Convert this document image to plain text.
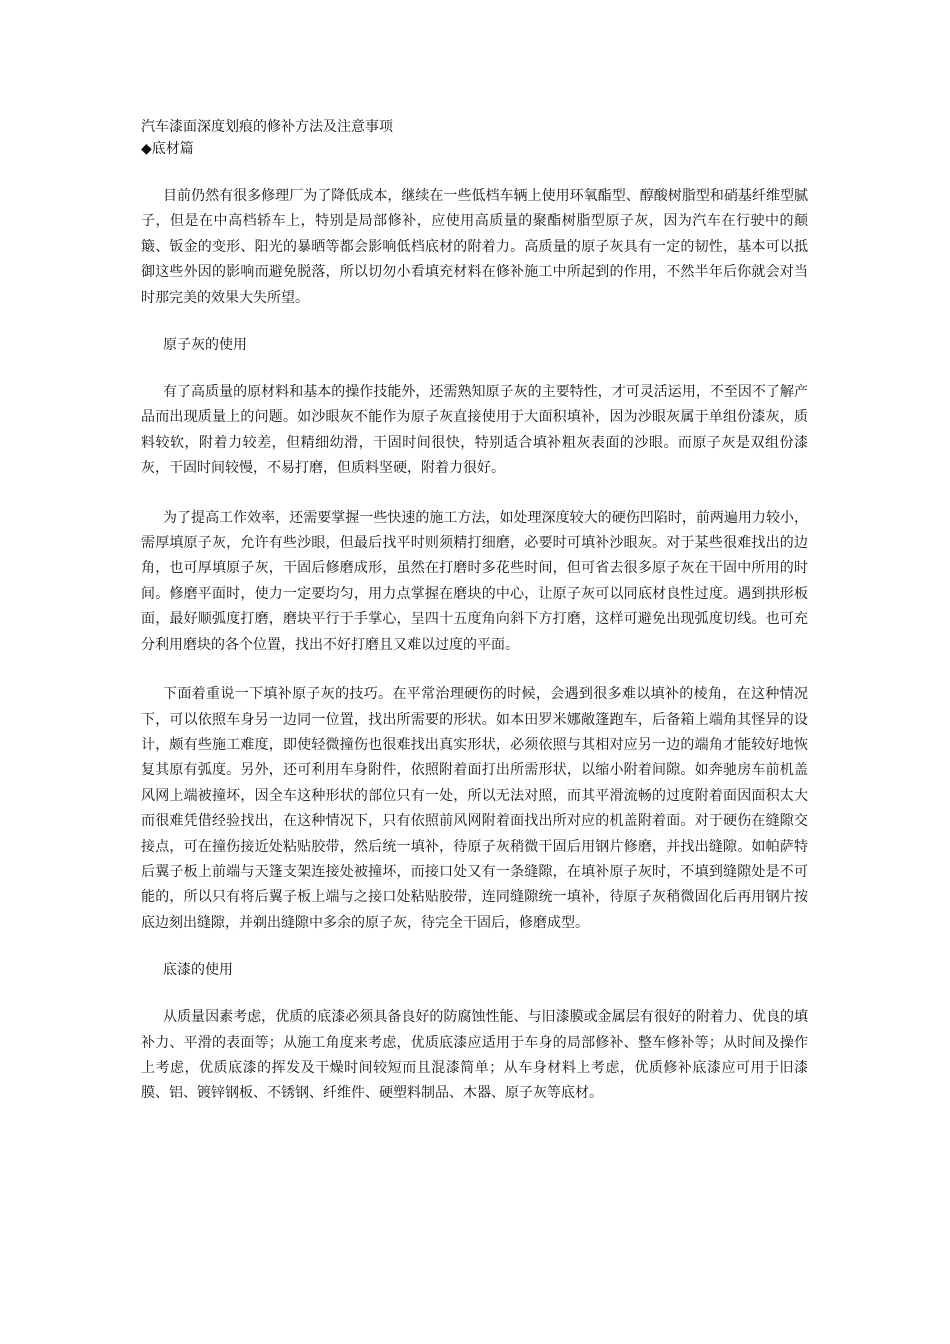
汽车漆面深度划痕的修补方法及注意事项

◆底材篇

目前仍然有很多修理厂为了降低成本，继续在一些低档车辆上使用环氧酯型、醇酸树脂型和硝基纤维型腻子，但是在中高档轿车上，特别是局部修补，应使用高质量的聚酯树脂型原子灰，因为汽车在行驶中的颠簸、钣金的变形、阳光的暴晒等都会影响低档底材的附着力。高质量的原子灰具有一定的韧性，基本可以抵御这些外因的影响而避免脱落，所以切勿小看填充材料在修补施工中所起到的作用，不然半年后你就会对当时那完美的效果大失所望。

原子灰的使用

有了高质量的原材料和基本的操作技能外，还需熟知原子灰的主要特性，才可灵活运用，不至因不了解产品而出现质量上的问题。如沙眼灰不能作为原子灰直接使用于大面积填补，因为沙眼灰属于单组份漆灰，质料较软，附着力较差，但精细幼滑，干固时间很快，特别适合填补粗灰表面的沙眼。而原子灰是双组份漆灰，干固时间较慢，不易打磨，但质料坚硬，附着力很好。

为了提高工作效率，还需要掌握一些快速的施工方法，如处理深度较大的硬伤凹陷时，前两遍用力较小，需厚填原子灰，允许有些沙眼，但最后找平时则须精打细磨，必要时可填补沙眼灰。对于某些很难找出的边角，也可厚填原子灰，干固后修磨成形，虽然在打磨时多花些时间，但可省去很多原子灰在干固中所用的时间。修磨平面时，使力一定要均匀，用力点掌握在磨块的中心，让原子灰可以同底材良性过度。遇到拱形板面，最好顺弧度打磨，磨块平行于手掌心，呈四十五度角向斜下方打磨，这样可避免出现弧度切线。也可充分利用磨块的各个位置，找出不好打磨且又难以过度的平面。

下面着重说一下填补原子灰的技巧。在平常治理硬伤的时候，会遇到很多难以填补的棱角，在这种情况下，可以依照车身另一边同一位置，找出所需要的形状。如本田罗米娜敞篷跑车，后备箱上端角其怪异的设计，颇有些施工难度，即使轻微撞伤也很难找出真实形状，必须依照与其相对应另一边的端角才能较好地恢复其原有弧度。另外，还可利用车身附件，依照附着面打出所需形状，以缩小附着间隙。如奔驰房车前机盖风网上端被撞坏，因全车这种形状的部位只有一处，所以无法对照，而其平滑流畅的过度附着面因面积太大而很难凭借经验找出，在这种情况下，只有依照前风网附着面找出所对应的机盖附着面。对于硬伤在缝隙交接点，可在撞伤接近处粘贴胶带，然后统一填补，待原子灰稍微干固后用钢片修磨，并找出缝隙。如帕萨特后翼子板上前端与天篷支架连接处被撞坏，而接口处又有一条缝隙，在填补原子灰时，不填到缝隙处是不可能的，所以只有将后翼子板上端与之接口处粘贴胶带，连同缝隙统一填补，待原子灰稍微固化后再用钢片按底边刻出缝隙，并剃出缝隙中多余的原子灰，待完全干固后，修磨成型。

底漆的使用

从质量因素考虑，优质的底漆必须具备良好的防腐蚀性能、与旧漆膜或金属层有很好的附着力、优良的填补力、平滑的表面等；从施工角度来考虑，优质底漆应适用于车身的局部修补、整车修补等；从时间及操作上考虑，优质底漆的挥发及干燥时间较短而且混漆简单；从车身材料上考虑，优质修补底漆应可用于旧漆膜、铝、镀锌钢板、不锈钢、纤维件、硬塑料制品、木器、原子灰等底材。
